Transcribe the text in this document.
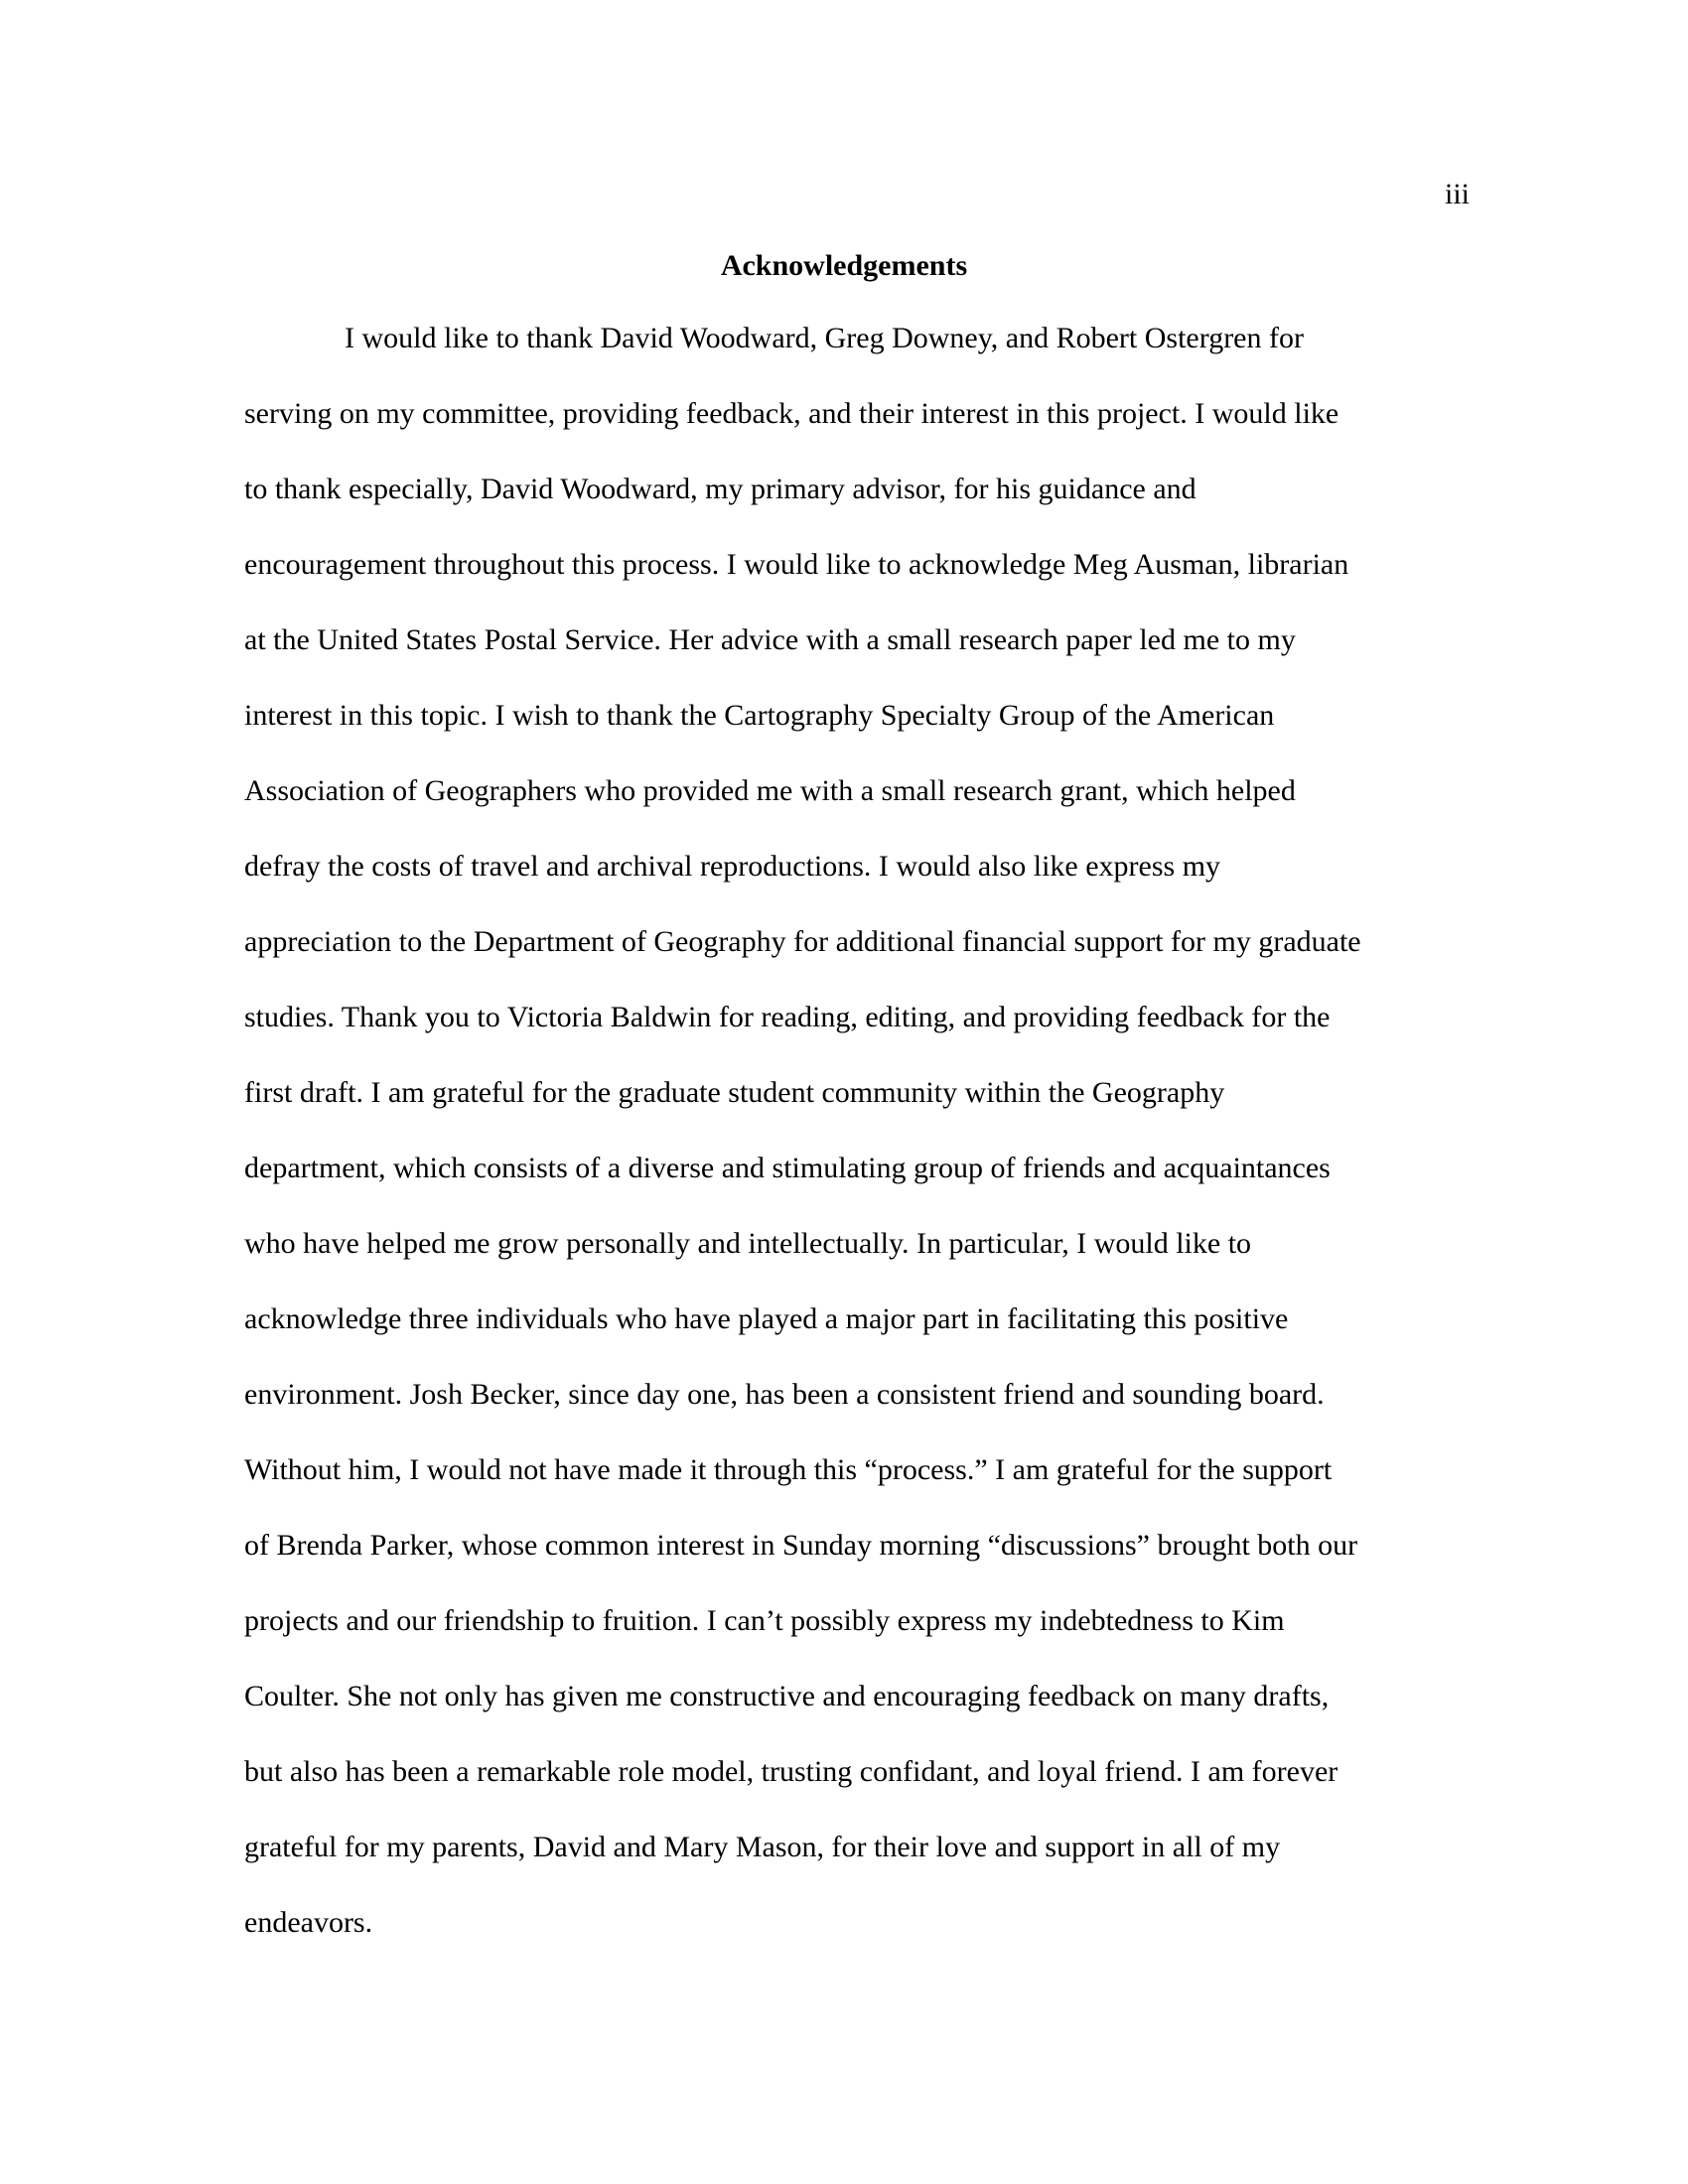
iii
Acknowledgements
I would like to thank David Woodward, Greg Downey, and Robert Ostergren for
serving on my committee, providing feedback, and their interest in this project. I would like
to thank especially, David Woodward, my primary advisor, for his guidance and
encouragement throughout this process. I would like to acknowledge Meg Ausman, librarian
at the United States Postal Service. Her advice with a small research paper led me to my
interest in this topic. I wish to thank the Cartography Specialty Group of the American
Association of Geographers who provided me with a small research grant, which helped
defray the costs of travel and archival reproductions. I would also like express my
appreciation to the Department of Geography for additional financial support for my graduate
studies. Thank you to Victoria Baldwin for reading, editing, and providing feedback for the
first draft. I am grateful for the graduate student community within the Geography
department, which consists of a diverse and stimulating group of friends and acquaintances
who have helped me grow personally and intellectually. In particular, I would like to
acknowledge three individuals who have played a major part in facilitating this positive
environment. Josh Becker, since day one, has been a consistent friend and sounding board.
Without him, I would not have made it through this “process.” I am grateful for the support
of Brenda Parker, whose common interest in Sunday morning “discussions” brought both our
projects and our friendship to fruition. I can’t possibly express my indebtedness to Kim
Coulter. She not only has given me constructive and encouraging feedback on many drafts,
but also has been a remarkable role model, trusting confidant, and loyal friend. I am forever
grateful for my parents, David and Mary Mason, for their love and support in all of my
endeavors.
